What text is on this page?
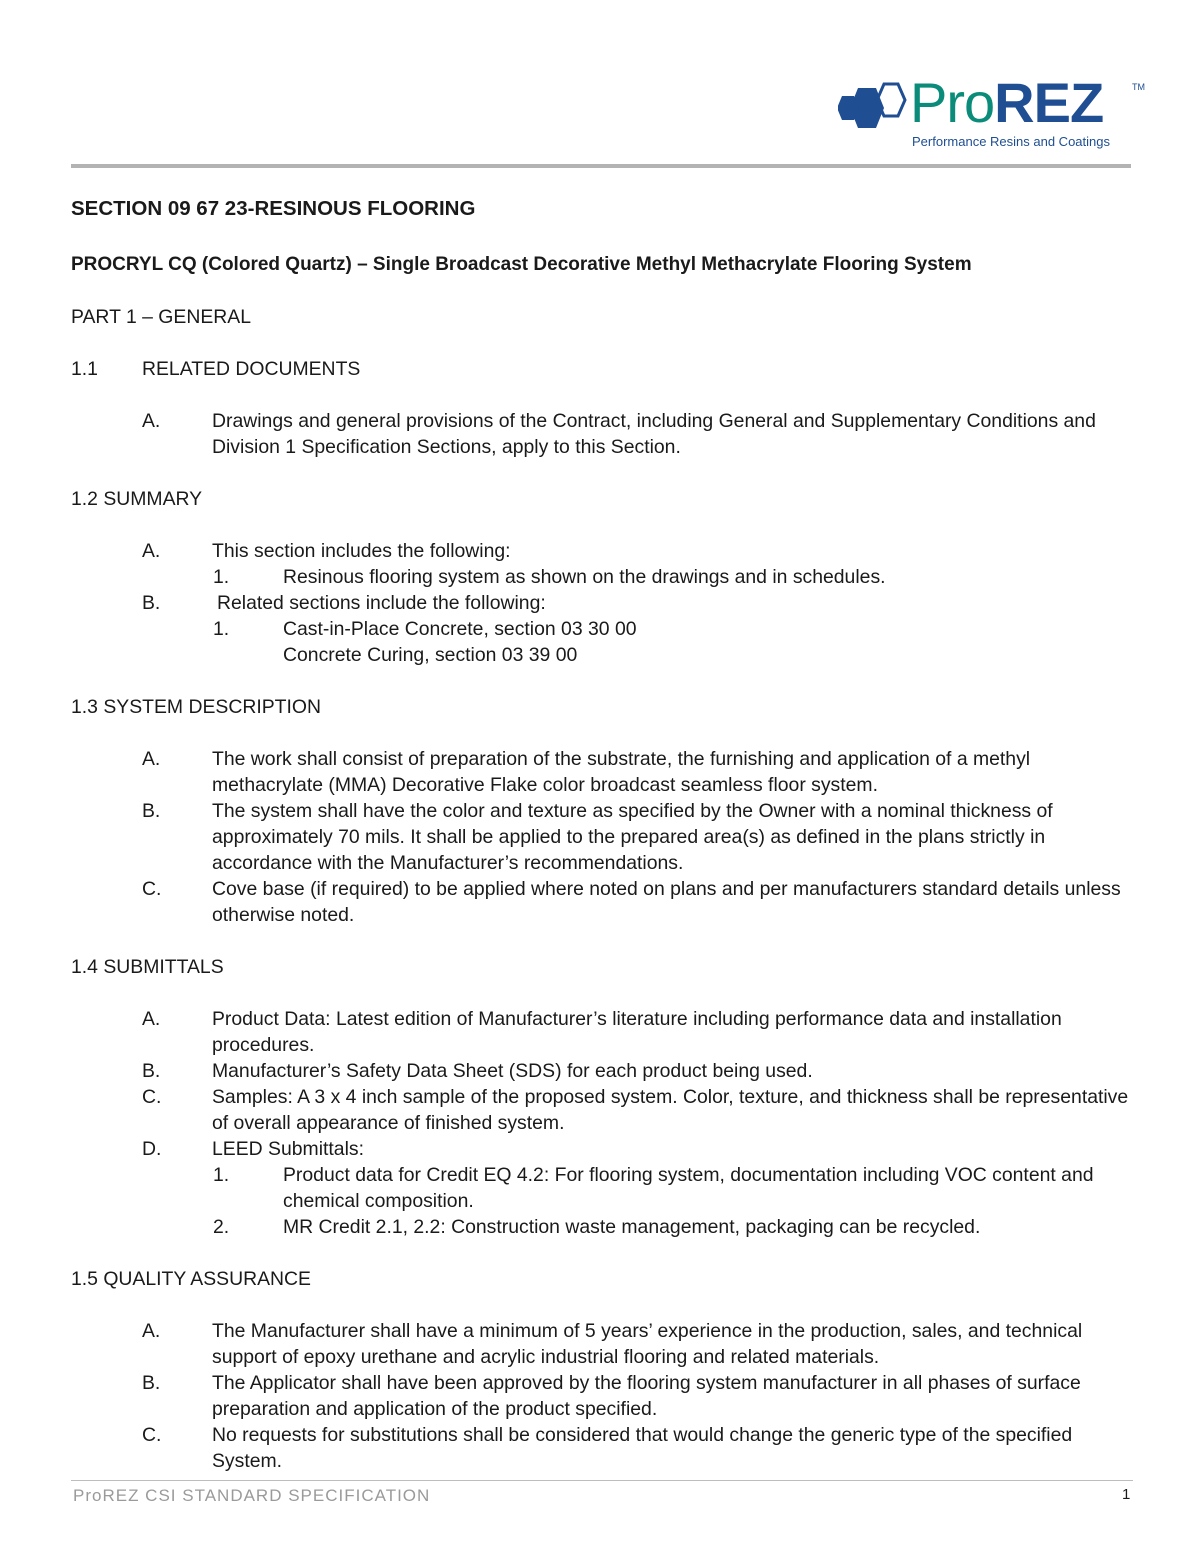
ProREZ	TM
Performance Resins and Coatings
SECTION 09 67 23-RESINOUS FLOORING
PROCRYL CQ (Colored Quartz) – Single Broadcast Decorative Methyl Methacrylate Flooring System
PART 1 – GENERAL
1.1 RELATED DOCUMENTS
A.	Drawings and general provisions of the Contract, including General and Supplementary Conditions and Division 1 Specification Sections, apply to this Section.
1.2 SUMMARY
A.	This section includes the following:
1.	Resinous flooring system as shown on the drawings and in schedules.
B.	Related sections include the following:
1.	Cast-in-Place Concrete, section 03 30 00
Concrete Curing, section 03 39 00
1.3 SYSTEM DESCRIPTION
A.	The work shall consist of preparation of the substrate, the furnishing and application of a methyl methacrylate (MMA) Decorative Flake color broadcast seamless floor system.
B.	The system shall have the color and texture as specified by the Owner with a nominal thickness of approximately 70 mils. It shall be applied to the prepared area(s) as defined in the plans strictly in accordance with the Manufacturer’s recommendations.
C.	Cove base (if required) to be applied where noted on plans and per manufacturers standard details unless otherwise noted.
1.4 SUBMITTALS
A.	Product Data: Latest edition of Manufacturer’s literature including performance data and installation procedures.
B.	Manufacturer’s Safety Data Sheet (SDS) for each product being used.
C.	Samples: A 3 x 4 inch sample of the proposed system. Color, texture, and thickness shall be representative of overall appearance of finished system.
D.	LEED Submittals:
1.	Product data for Credit EQ 4.2: For flooring system, documentation including VOC content and chemical composition.
2.	MR Credit 2.1, 2.2: Construction waste management, packaging can be recycled.
1.5 QUALITY ASSURANCE
A.	The Manufacturer shall have a minimum of 5 years’ experience in the production, sales, and technical support of epoxy urethane and acrylic industrial flooring and related materials.
B.	The Applicator shall have been approved by the flooring system manufacturer in all phases of surface preparation and application of the product specified.
C.	No requests for substitutions shall be considered that would change the generic type of the specified System.
ProREZ CSI STANDARD SPECIFICATION	1
